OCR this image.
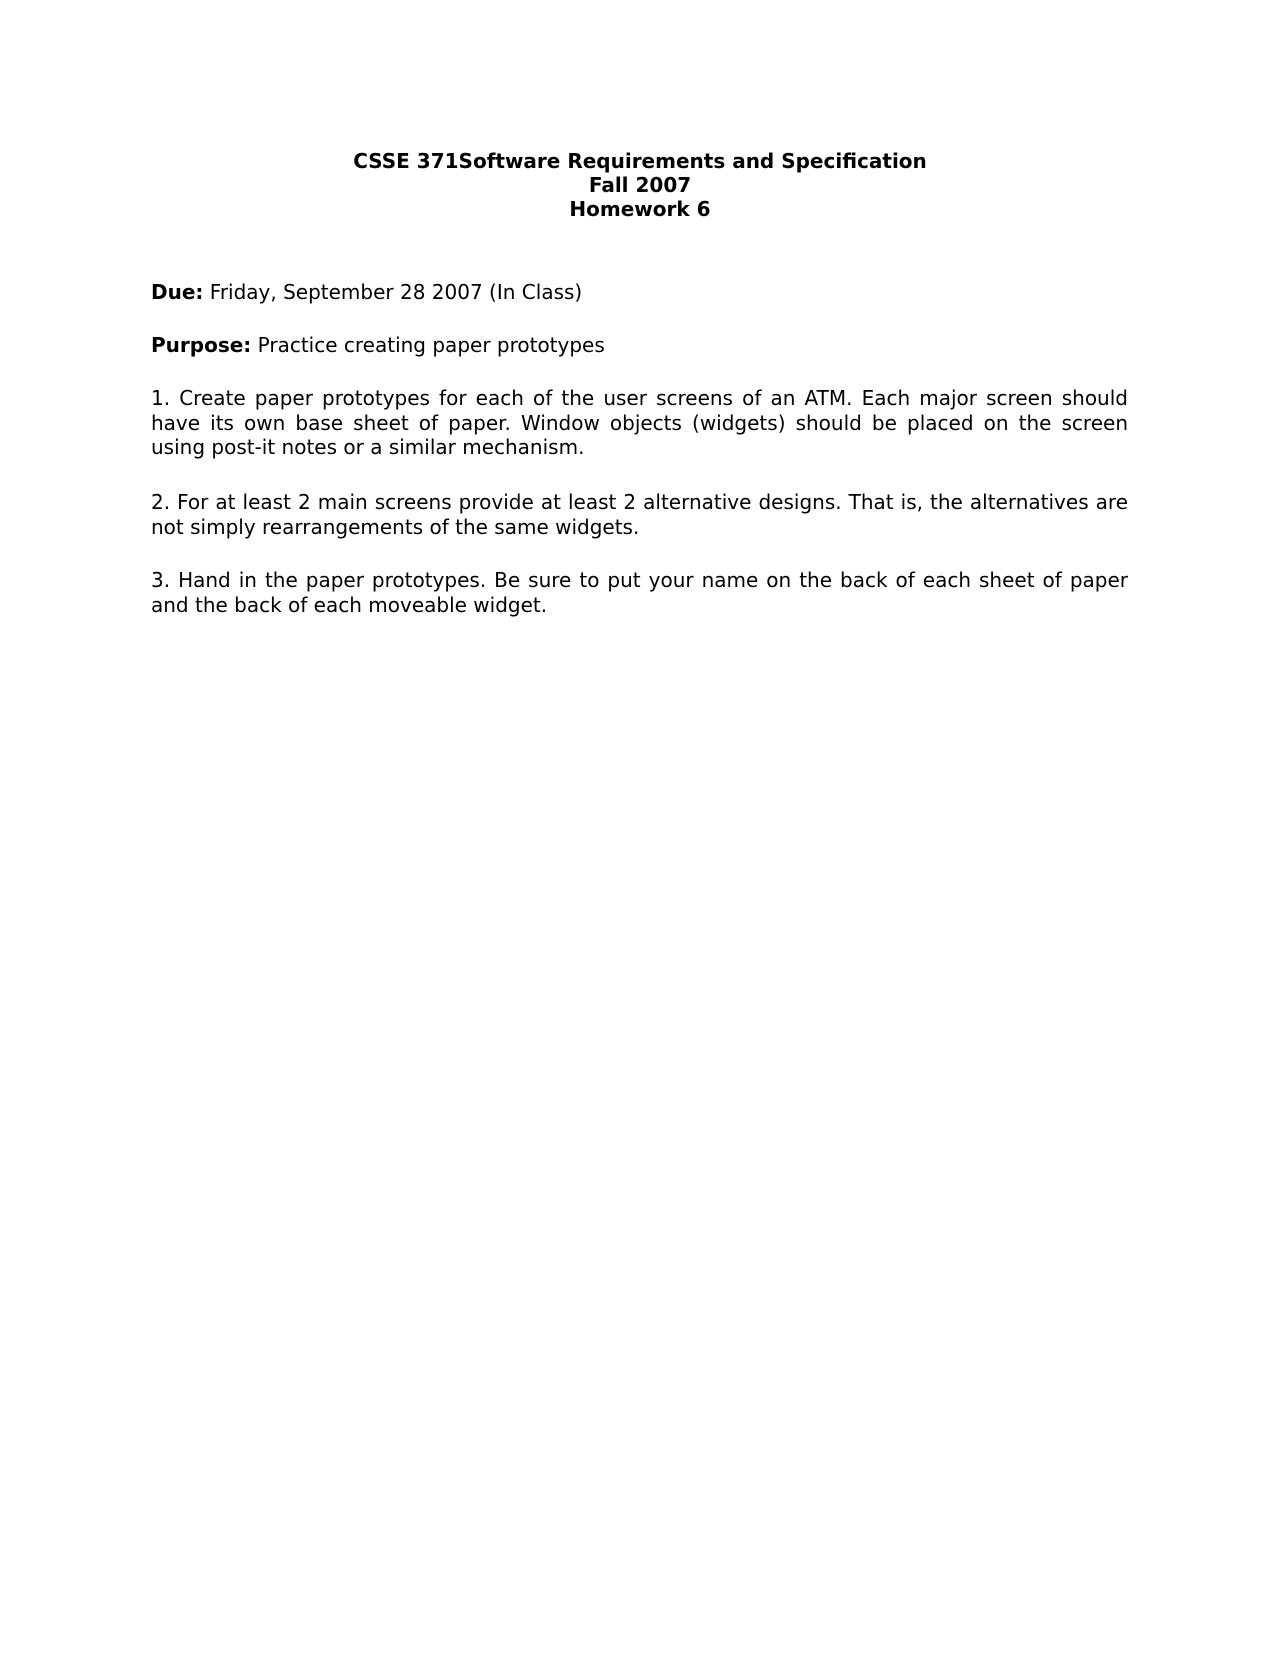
CSSE 371Software Requirements and Specification
Fall 2007
Homework 6
Due: Friday, September 28 2007 (In Class)
Purpose: Practice creating paper prototypes
1. Create paper prototypes for each of the user screens of an ATM. Each major screen should have its own base sheet of paper. Window objects (widgets) should be placed on the screen using post-it notes or a similar mechanism.
2. For at least 2 main screens provide at least 2 alternative designs. That is, the alternatives are not simply rearrangements of the same widgets.
3. Hand in the paper prototypes. Be sure to put your name on the back of each sheet of paper and the back of each moveable widget.
